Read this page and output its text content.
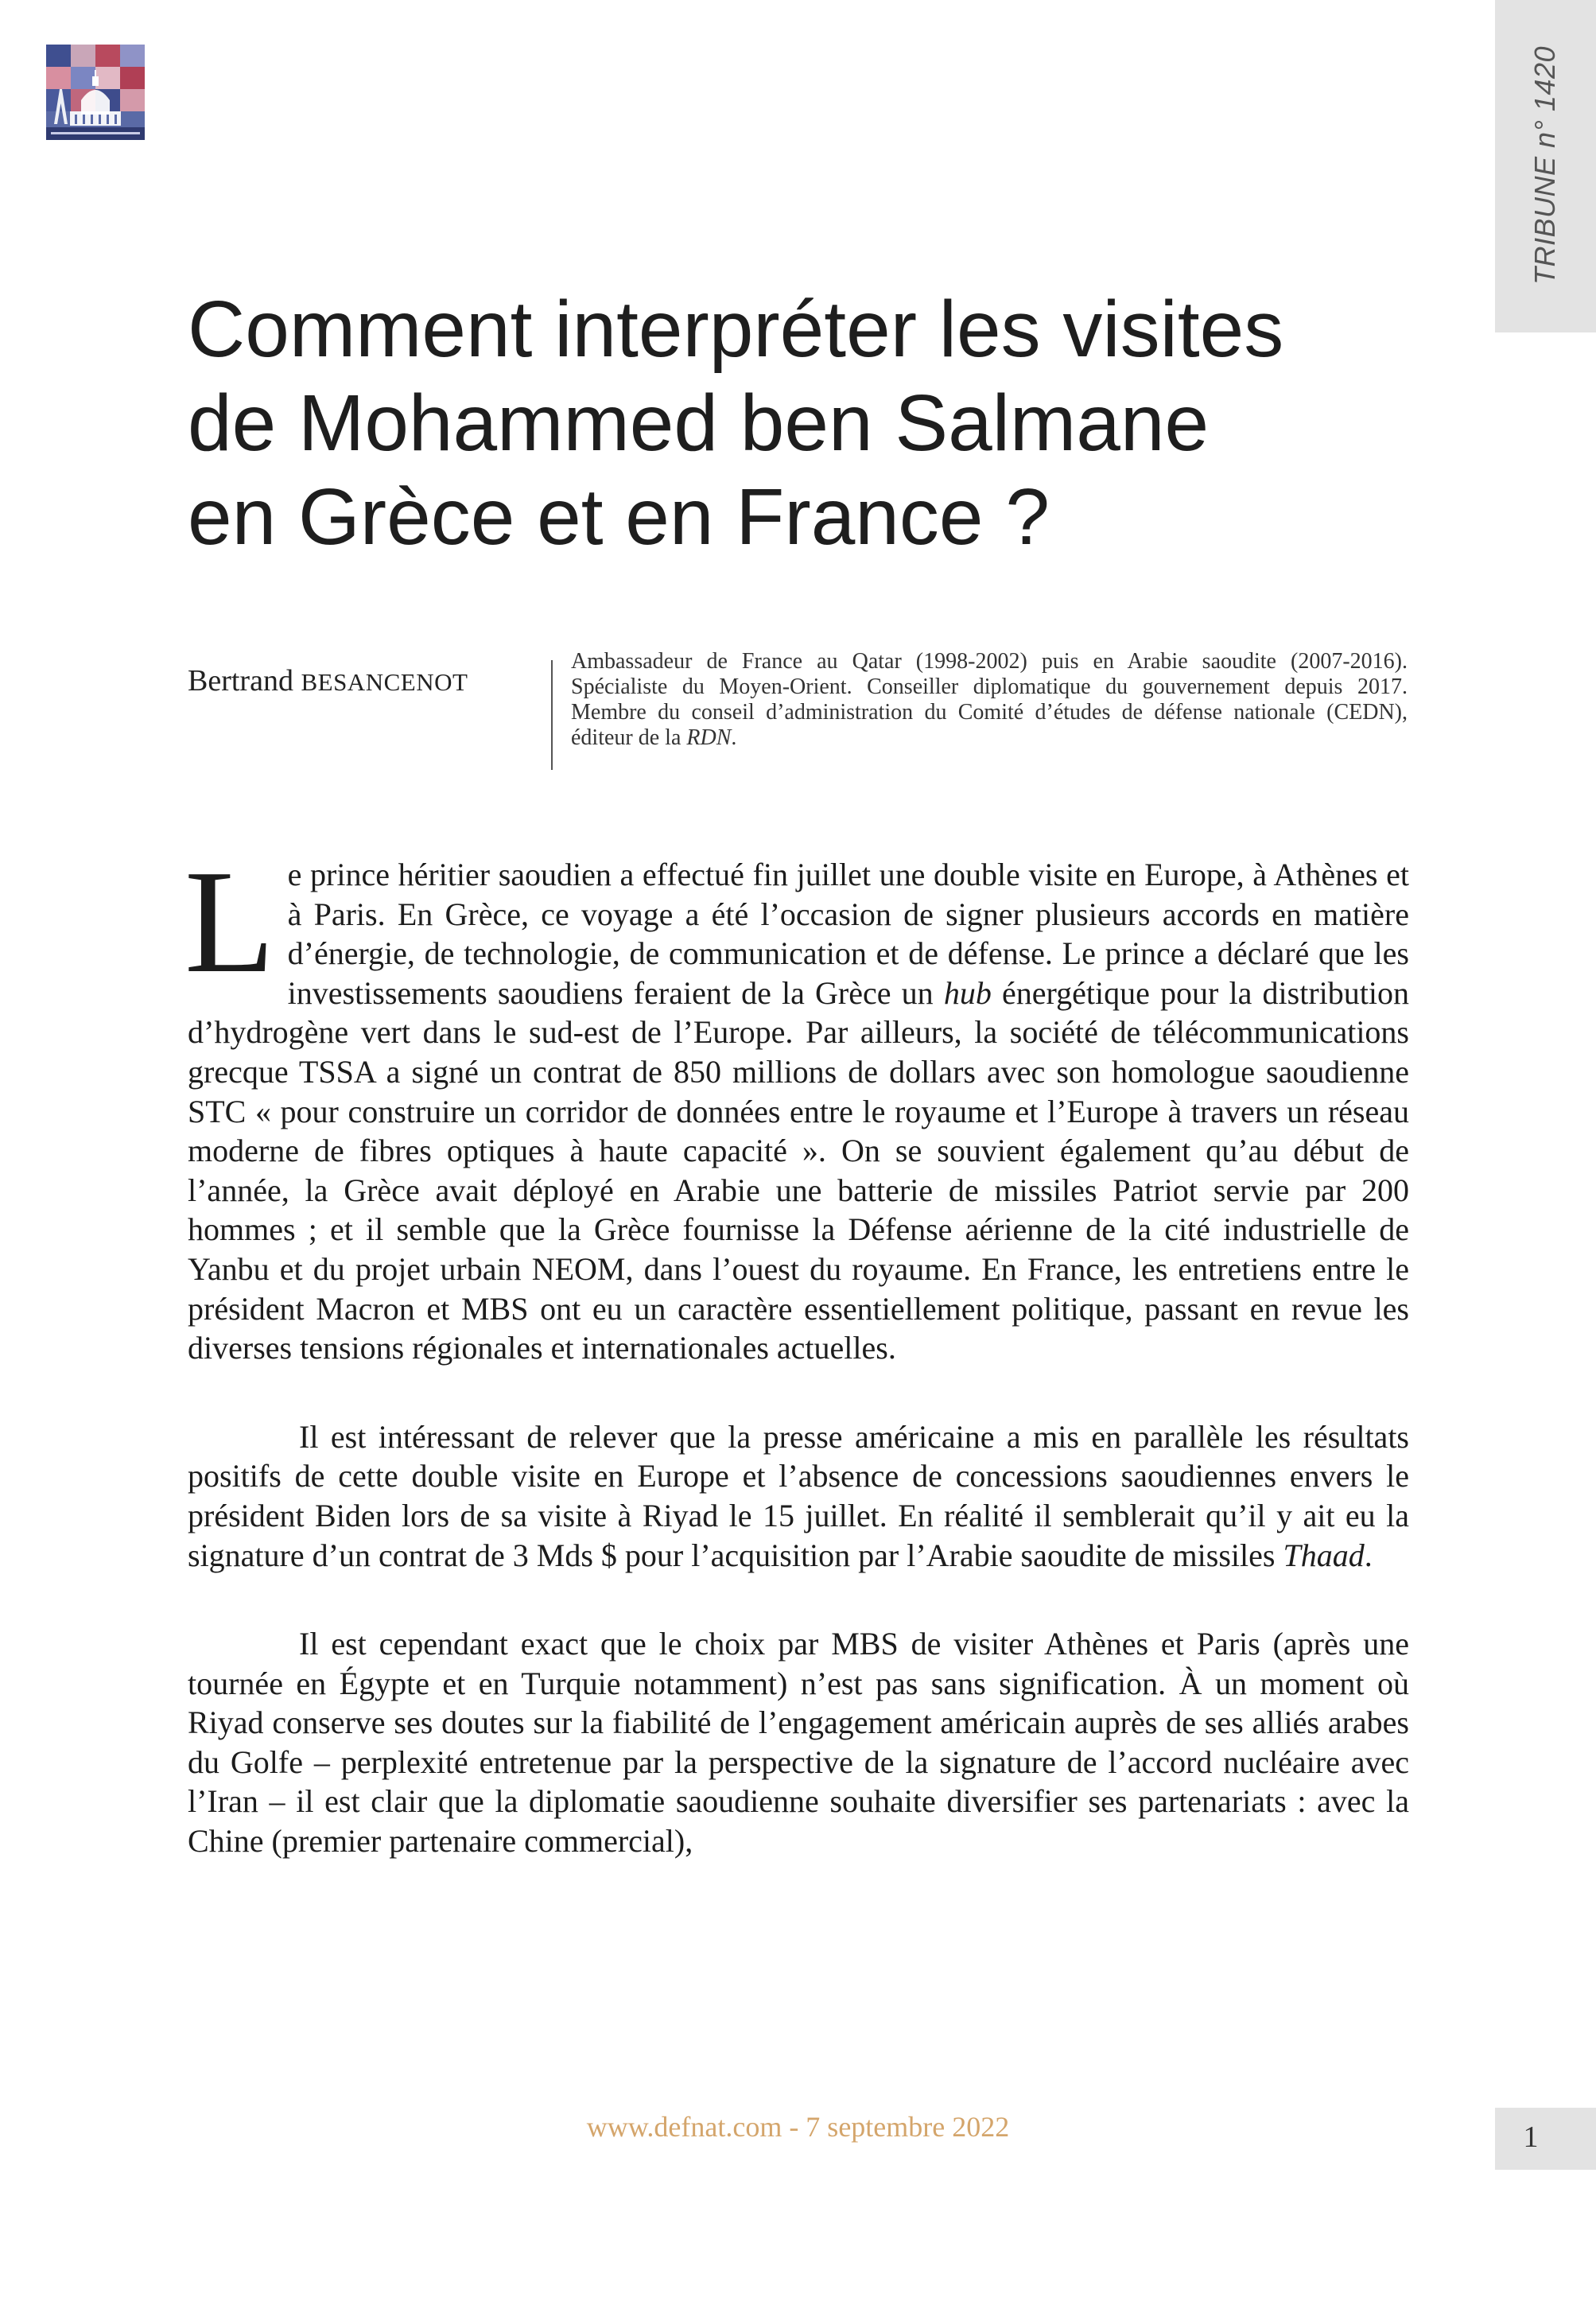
TRIBUNE n° 1420
Comment interpréter les visites
de Mohammed ben Salmane
en Grèce et en France ?
Bertrand BESANCENOT
Ambassadeur de France au Qatar (1998-2002) puis en Arabie saoudite (2007-2016). Spécialiste du Moyen-Orient. Conseiller diplomatique du gouvernement depuis 2017. Membre du conseil d’administration du Comité d’études de défense nationale (CEDN), éditeur de la RDN.

Le prince héritier saoudien a effectué fin juillet une double visite en Europe, à Athènes et à Paris. En Grèce, ce voyage a été l’occasion de signer plusieurs accords en matière d’énergie, de technologie, de communication et de défense. Le prince a déclaré que les investissements saoudiens feraient de la Grèce un hub énergétique pour la distribution d’hydrogène vert dans le sud-est de l’Europe. Par ailleurs, la société de télécommunications grecque TSSA a signé un contrat de 850 millions de dollars avec son homologue saoudienne STC « pour construire un corridor de données entre le royaume et l’Europe à travers un réseau moderne de fibres optiques à haute capacité ». On se souvient également qu’au début de l’année, la Grèce avait déployé en Arabie une batterie de missiles Patriot servie par 200 hommes ; et il semble que la Grèce fournisse la Défense aérienne de la cité industrielle de Yanbu et du projet urbain NEOM, dans l’ouest du royaume. En France, les entretiens entre le président Macron et MBS ont eu un caractère essentiellement politique, passant en revue les diverses tensions régionales et internationales actuelles.

Il est intéressant de relever que la presse américaine a mis en parallèle les résultats positifs de cette double visite en Europe et l’absence de concessions saoudiennes envers le président Biden lors de sa visite à Riyad le 15 juillet. En réalité il semblerait qu’il y ait eu la signature d’un contrat de 3 Mds $ pour l’acquisition par l’Arabie saoudite de missiles Thaad.

Il est cependant exact que le choix par MBS de visiter Athènes et Paris (après une tournée en Égypte et en Turquie notamment) n’est pas sans signification. À un moment où Riyad conserve ses doutes sur la fiabilité de l’engagement américain auprès de ses alliés arabes du Golfe – perplexité entretenue par la perspective de la signature de l’accord nucléaire avec l’Iran – il est clair que la diplomatie saoudienne souhaite diversifier ses partenariats : avec la Chine (premier partenaire commercial),

www.defnat.com - 7 septembre 2022	1
